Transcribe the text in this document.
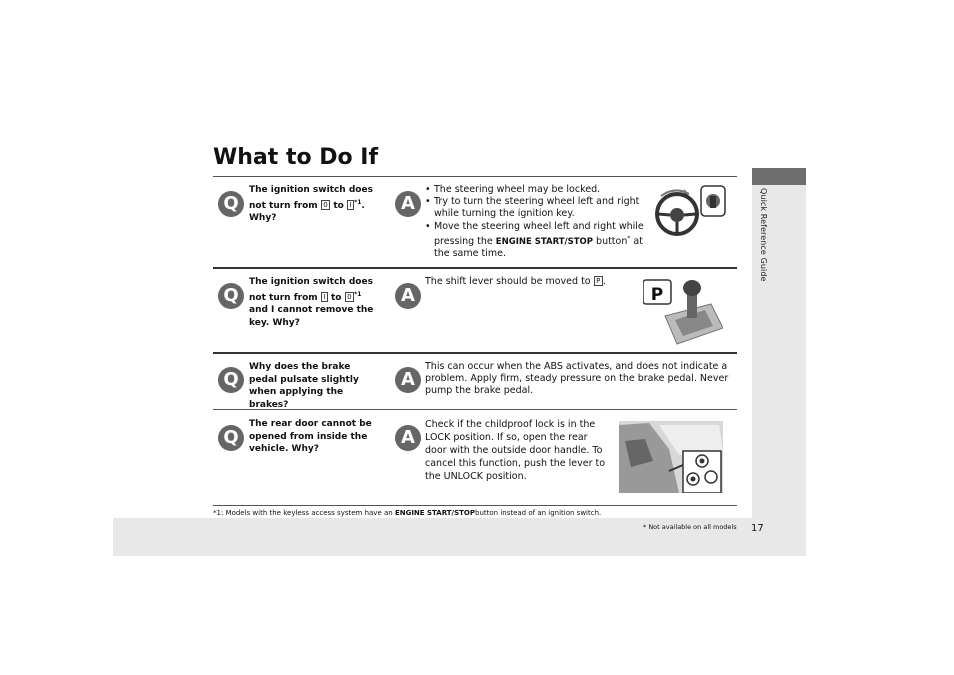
Quick Reference Guide
What to Do If
Q
The ignition switch does not turn from 0 to I $^{*1}$. Why?
A
• The steering wheel may be locked.
• Try to turn the steering wheel left and right while turning the ignition key.
• Move the steering wheel left and right while pressing the ENGINE START/STOP button* at the same time.
Q
The ignition switch does not turn from I to 0 $^{*1}$ and I cannot remove the key. Why?
A
The shift lever should be moved to P .
P
Q
Why does the brake pedal pulsate slightly when applying the brakes?
A
This can occur when the ABS activates, and does not indicate a problem. Apply firm, steady pressure on the brake pedal. Never pump the brake pedal.
Q
The rear door cannot be opened from inside the vehicle. Why?
A
Check if the childproof lock is in the LOCK position. If so, open the rear door with the outside door handle. To cancel this function, push the lever to the UNLOCK position.
*1: Models with the keyless access system have an ENGINE START/STOPbutton instead of an ignition switch.
* Not available on all models 17
